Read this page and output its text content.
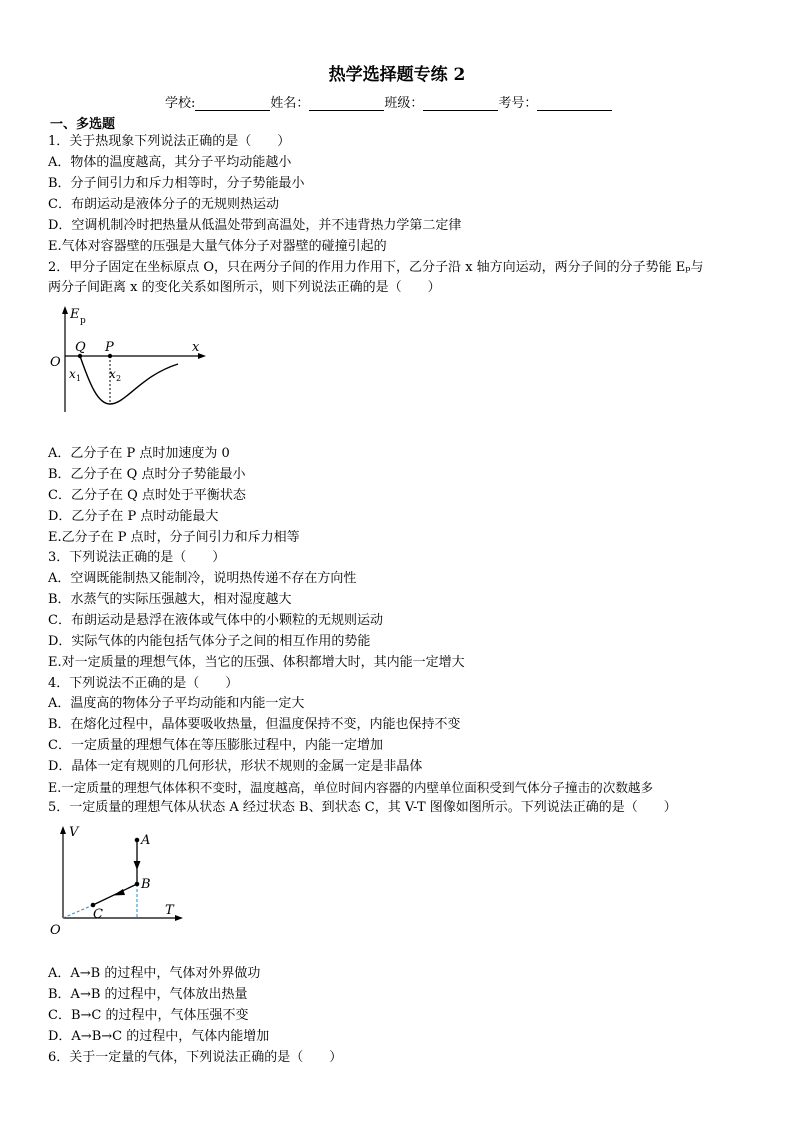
热学选择题专练 2
学校:	姓名：	班级：	考号：
一、多选题
1．关于热现象下列说法正确的是（　　）
A．物体的温度越高，其分子平均动能越小
B．分子间引力和斥力相等时，分子势能最小
C．布朗运动是液体分子的无规则热运动
D．空调机制冷时把热量从低温处带到高温处，并不违背热力学第二定律
E.气体对容器壁的压强是大量气体分子对器壁的碰撞引起的
2．甲分子固定在坐标原点 O，只在两分子间的作用力作用下，乙分子沿 x 轴方向运动，两分子间的分子势能 Eₚ与
两分子间距离 x 的变化关系如图所示，则下列说法正确的是（　　）
E p
O
Q P	x
x 1 x 2
A．乙分子在 P 点时加速度为 0
B．乙分子在 Q 点时分子势能最小
C．乙分子在 Q 点时处于平衡状态
D．乙分子在 P 点时动能最大
E.乙分子在 P 点时，分子间引力和斥力相等
3．下列说法正确的是（　　）
A．空调既能制热又能制冷，说明热传递不存在方向性
B．水蒸气的实际压强越大，相对湿度越大
C．布朗运动是悬浮在液体或气体中的小颗粒的无规则运动
D．实际气体的内能包括气体分子之间的相互作用的势能
E.对一定质量的理想气体，当它的压强、体积都增大时，其内能一定增大
4．下列说法不正确的是（　　）
A．温度高的物体分子平均动能和内能一定大
B．在熔化过程中，晶体要吸收热量，但温度保持不变，内能也保持不变
C．一定质量的理想气体在等压膨胀过程中，内能一定增加
D．晶体一定有规则的几何形状，形状不规则的金属一定是非晶体
E.一定质量的理想气体体积不变时，温度越高，单位时间内容器的内壁单位面积受到气体分子撞击的次数越多
5．一定质量的理想气体从状态 A 经过状态 B、到状态 C，其 V-T 图像如图所示。下列说法正确的是（　　）
V
T
O
A
B
C
A．A→B 的过程中，气体对外界做功
B．A→B 的过程中，气体放出热量
C．B→C 的过程中，气体压强不变
D．A→B→C 的过程中，气体内能增加
6．关于一定量的气体，下列说法正确的是（　　）
